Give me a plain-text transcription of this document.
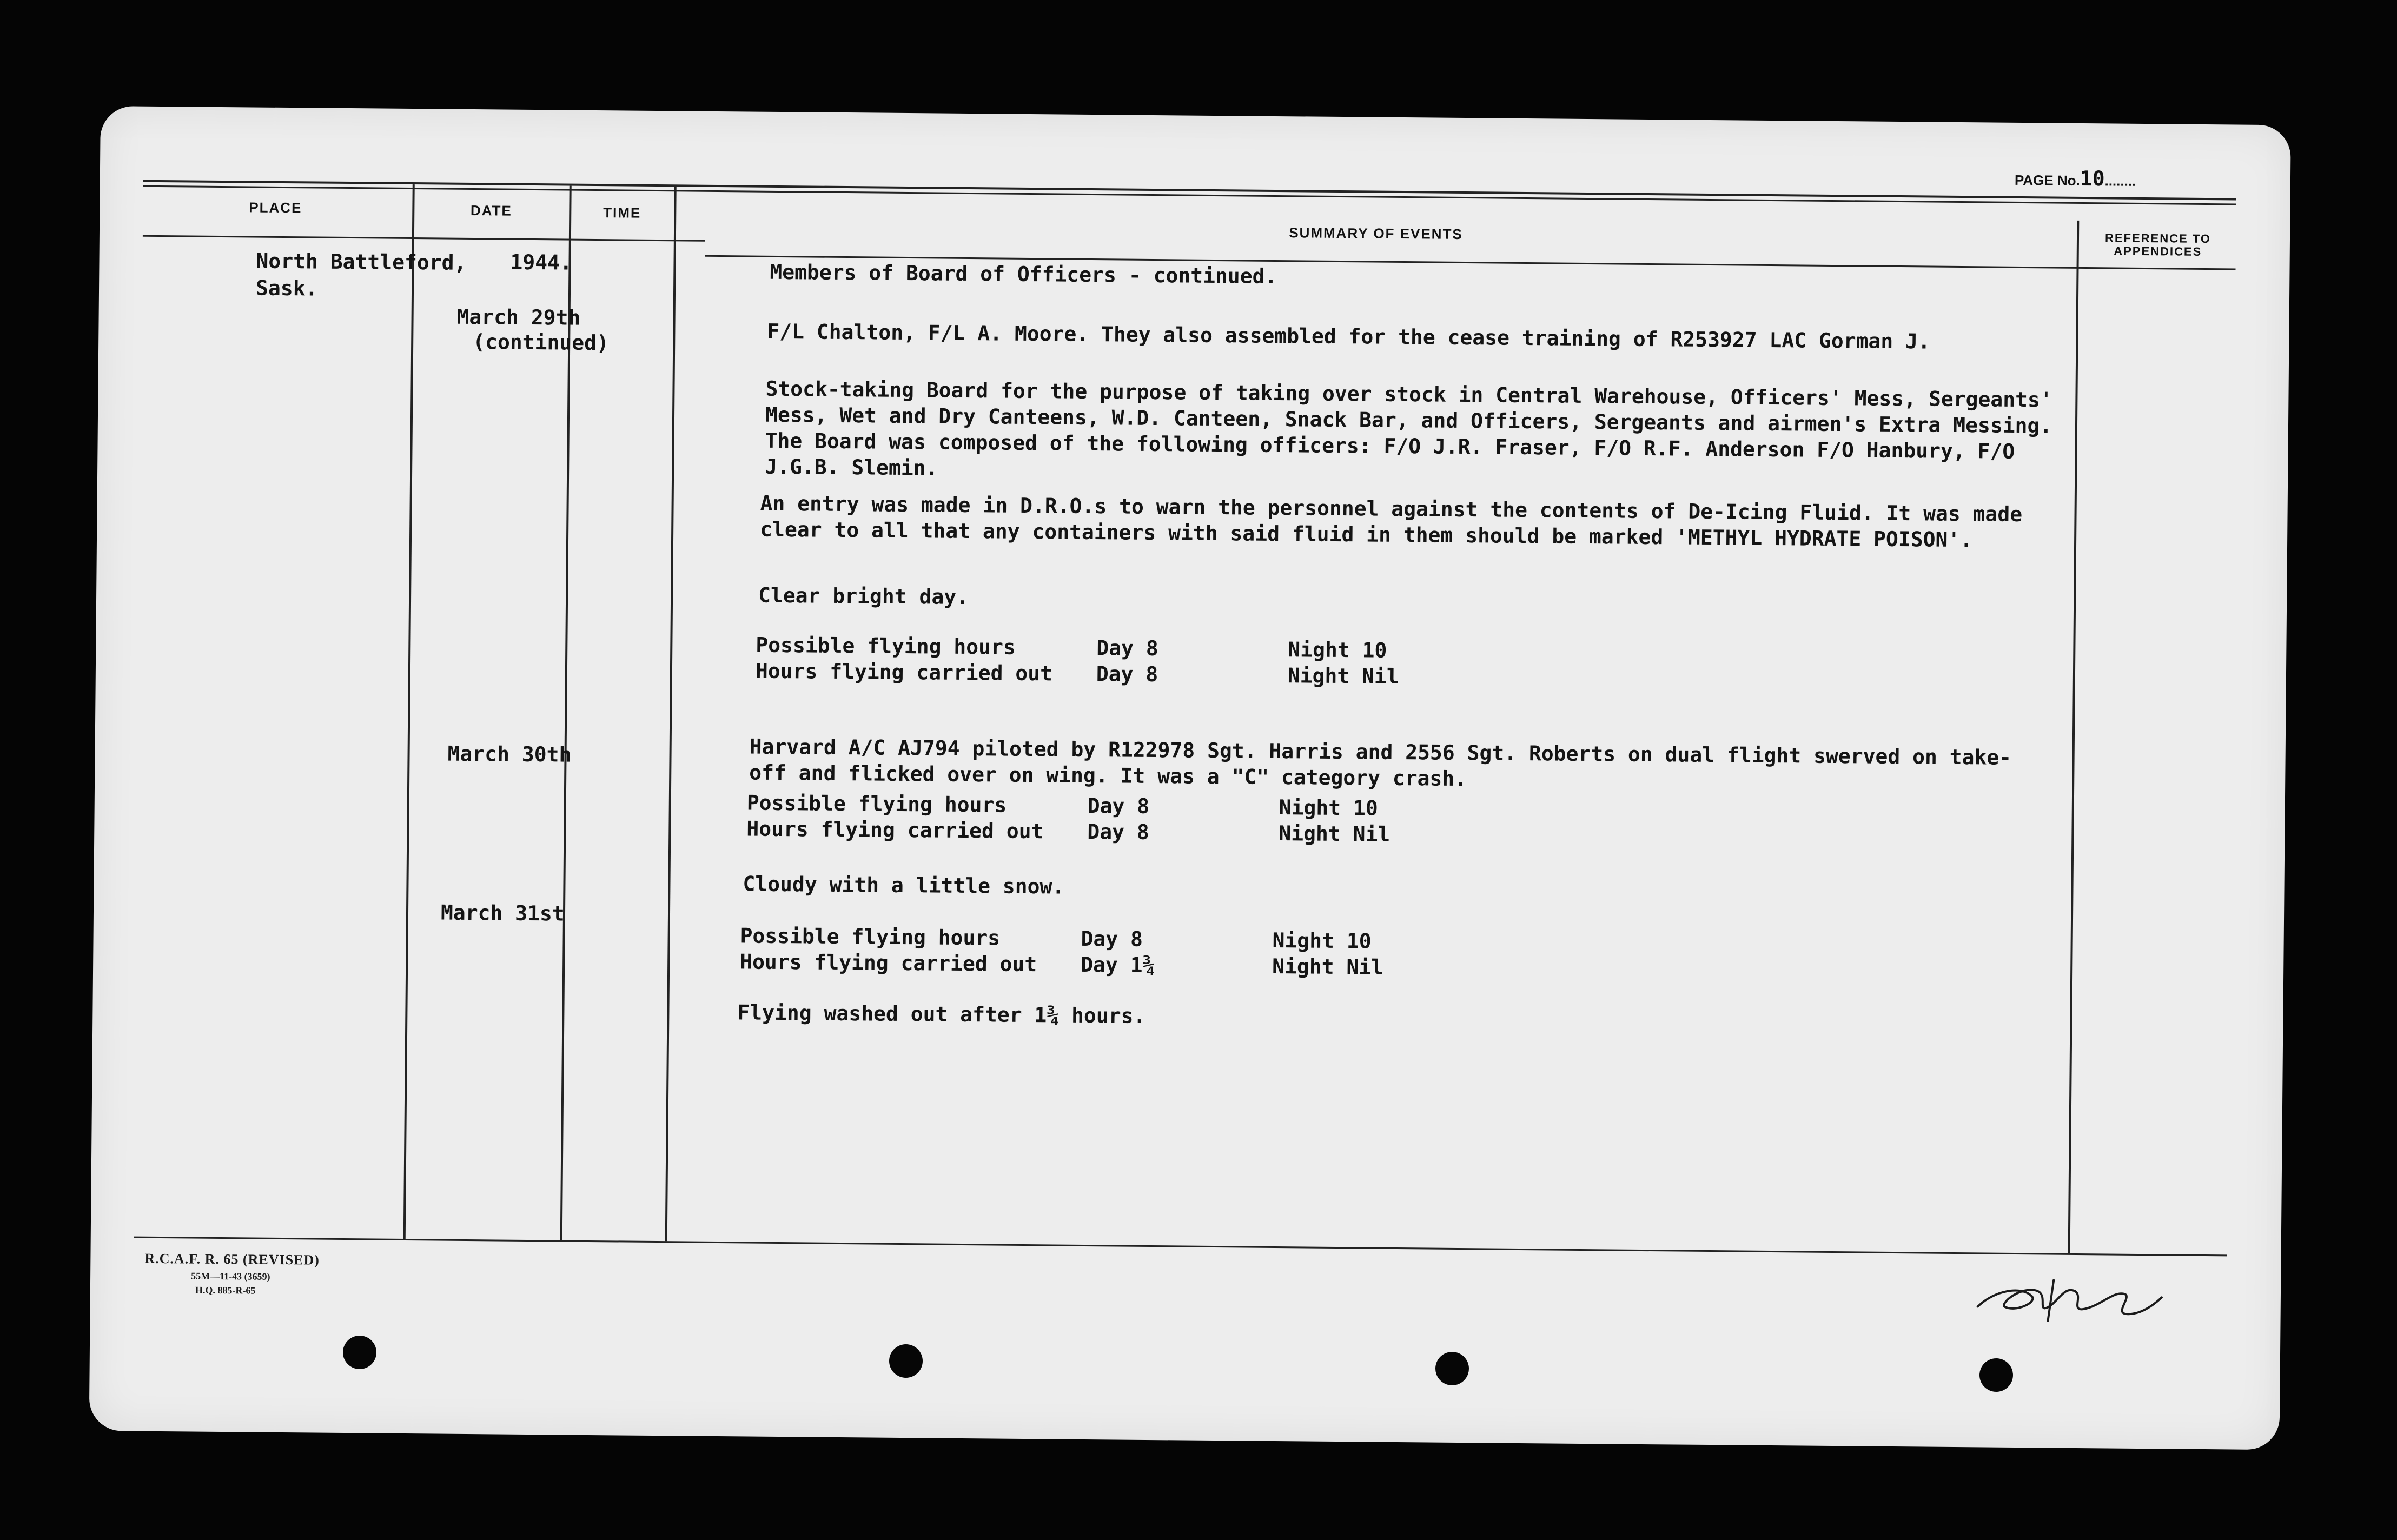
PLACE	DATE	TIME
SUMMARY OF EVENTS	REFERENCE TO APPENDICES
PAGE No.10........
North Battleford,
Sask.
1944.
March 29th
(continued)
March 30th
March 31st
Members of Board of Officers - continued.
F/L Chalton, F/L A. Moore. They also assembled for the cease training of R253927 LAC Gorman J.
Stock-taking Board for the purpose of taking over stock in Central Warehouse, Officers' Mess, Sergeants' Mess, Wet and Dry Canteens, W.D. Canteen, Snack Bar, and Officers, Sergeants and airmen's Extra Messing. The Board was composed of the following officers: F/O J.R. Fraser, F/O R.F. Anderson F/O Hanbury, F/O J.G.B. Slemin.
An entry was made in D.R.O.s to warn the personnel against the contents of De-Icing Fluid. It was made clear to all that any containers with said fluid in them should be marked 'METHYL HYDRATE POISON'.
Clear bright day.
Possible flying hours	Day 8	Night 10
Hours flying carried out Day 8	Night Nil
Harvard A/C AJ794 piloted by R122978 Sgt. Harris and 2556 Sgt. Roberts on dual flight swerved on take-off and flicked over on wing. It was a "C" category crash.
Possible flying hours	Day 8	Night 10
Hours flying carried out Day 8	Night Nil
Cloudy with a little snow.
Possible flying hours	Day 8	Night 10
Hours flying carried out Day 1¾	Night Nil
Flying washed out after 1¾ hours.
R.C.A.F. R. 65 (REVISED)
55M—11-43 (3659)
H.Q. 885-R-65
